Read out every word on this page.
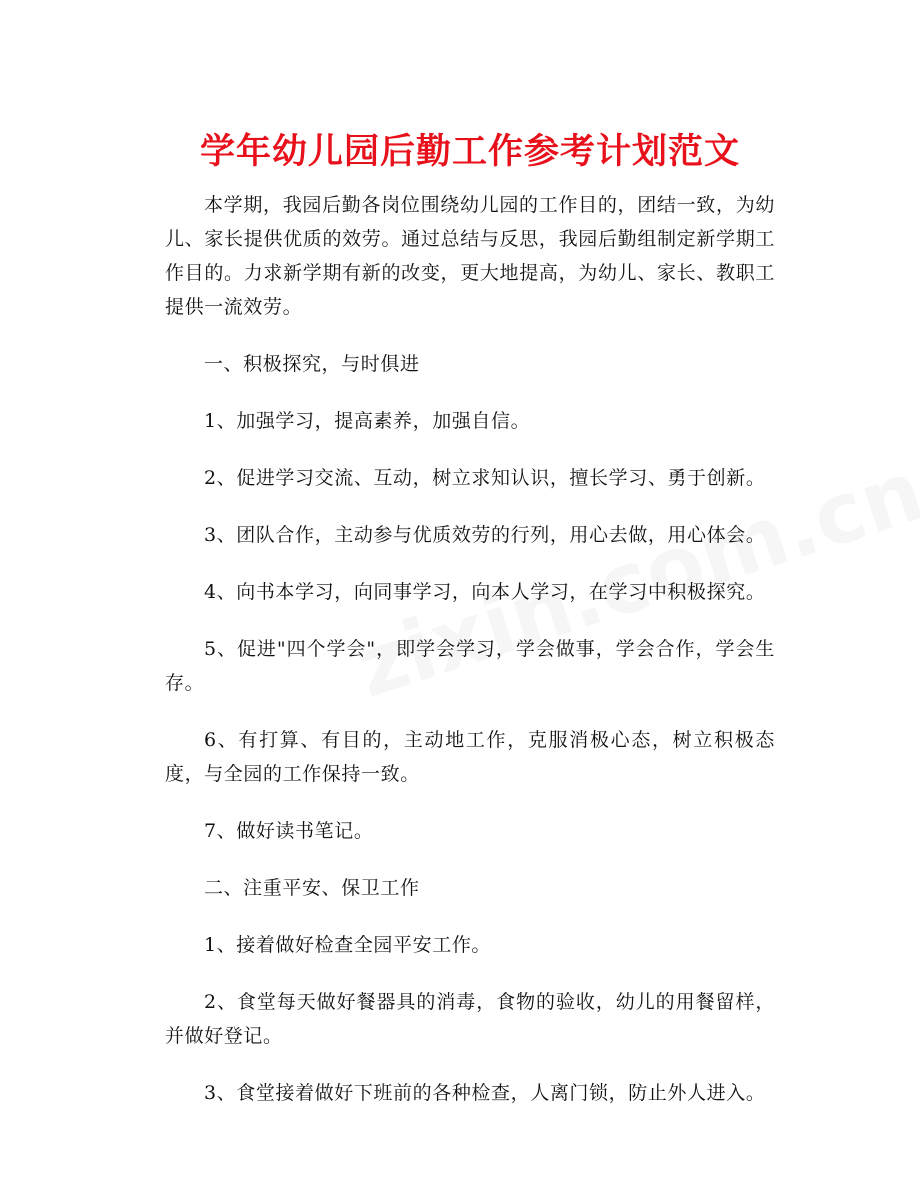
学年幼儿园后勤工作参考计划范文

本学期，我园后勤各岗位围绕幼儿园的工作目的，团结一致，为幼儿、家长提供优质的效劳。通过总结与反思，我园后勤组制定新学期工作目的。力求新学期有新的改变，更大地提高，为幼儿、家长、教职工提供一流效劳。

一、积极探究，与时俱进

1、加强学习，提高素养，加强自信。

2、促进学习交流、互动，树立求知认识，擅长学习、勇于创新。

3、团队合作，主动参与优质效劳的行列，用心去做，用心体会。

4、向书本学习，向同事学习，向本人学习，在学习中积极探究。

5、促进"四个学会"，即学会学习，学会做事，学会合作，学会生存。

6、有打算、有目的，主动地工作，克服消极心态，树立积极态度，与全园的工作保持一致。

7、做好读书笔记。

二、注重平安、保卫工作

1、接着做好检查全园平安工作。

2、食堂每天做好餐器具的消毒，食物的验收，幼儿的用餐留样，并做好登记。

3、食堂接着做好下班前的各种检查，人离门锁，防止外人进入。
